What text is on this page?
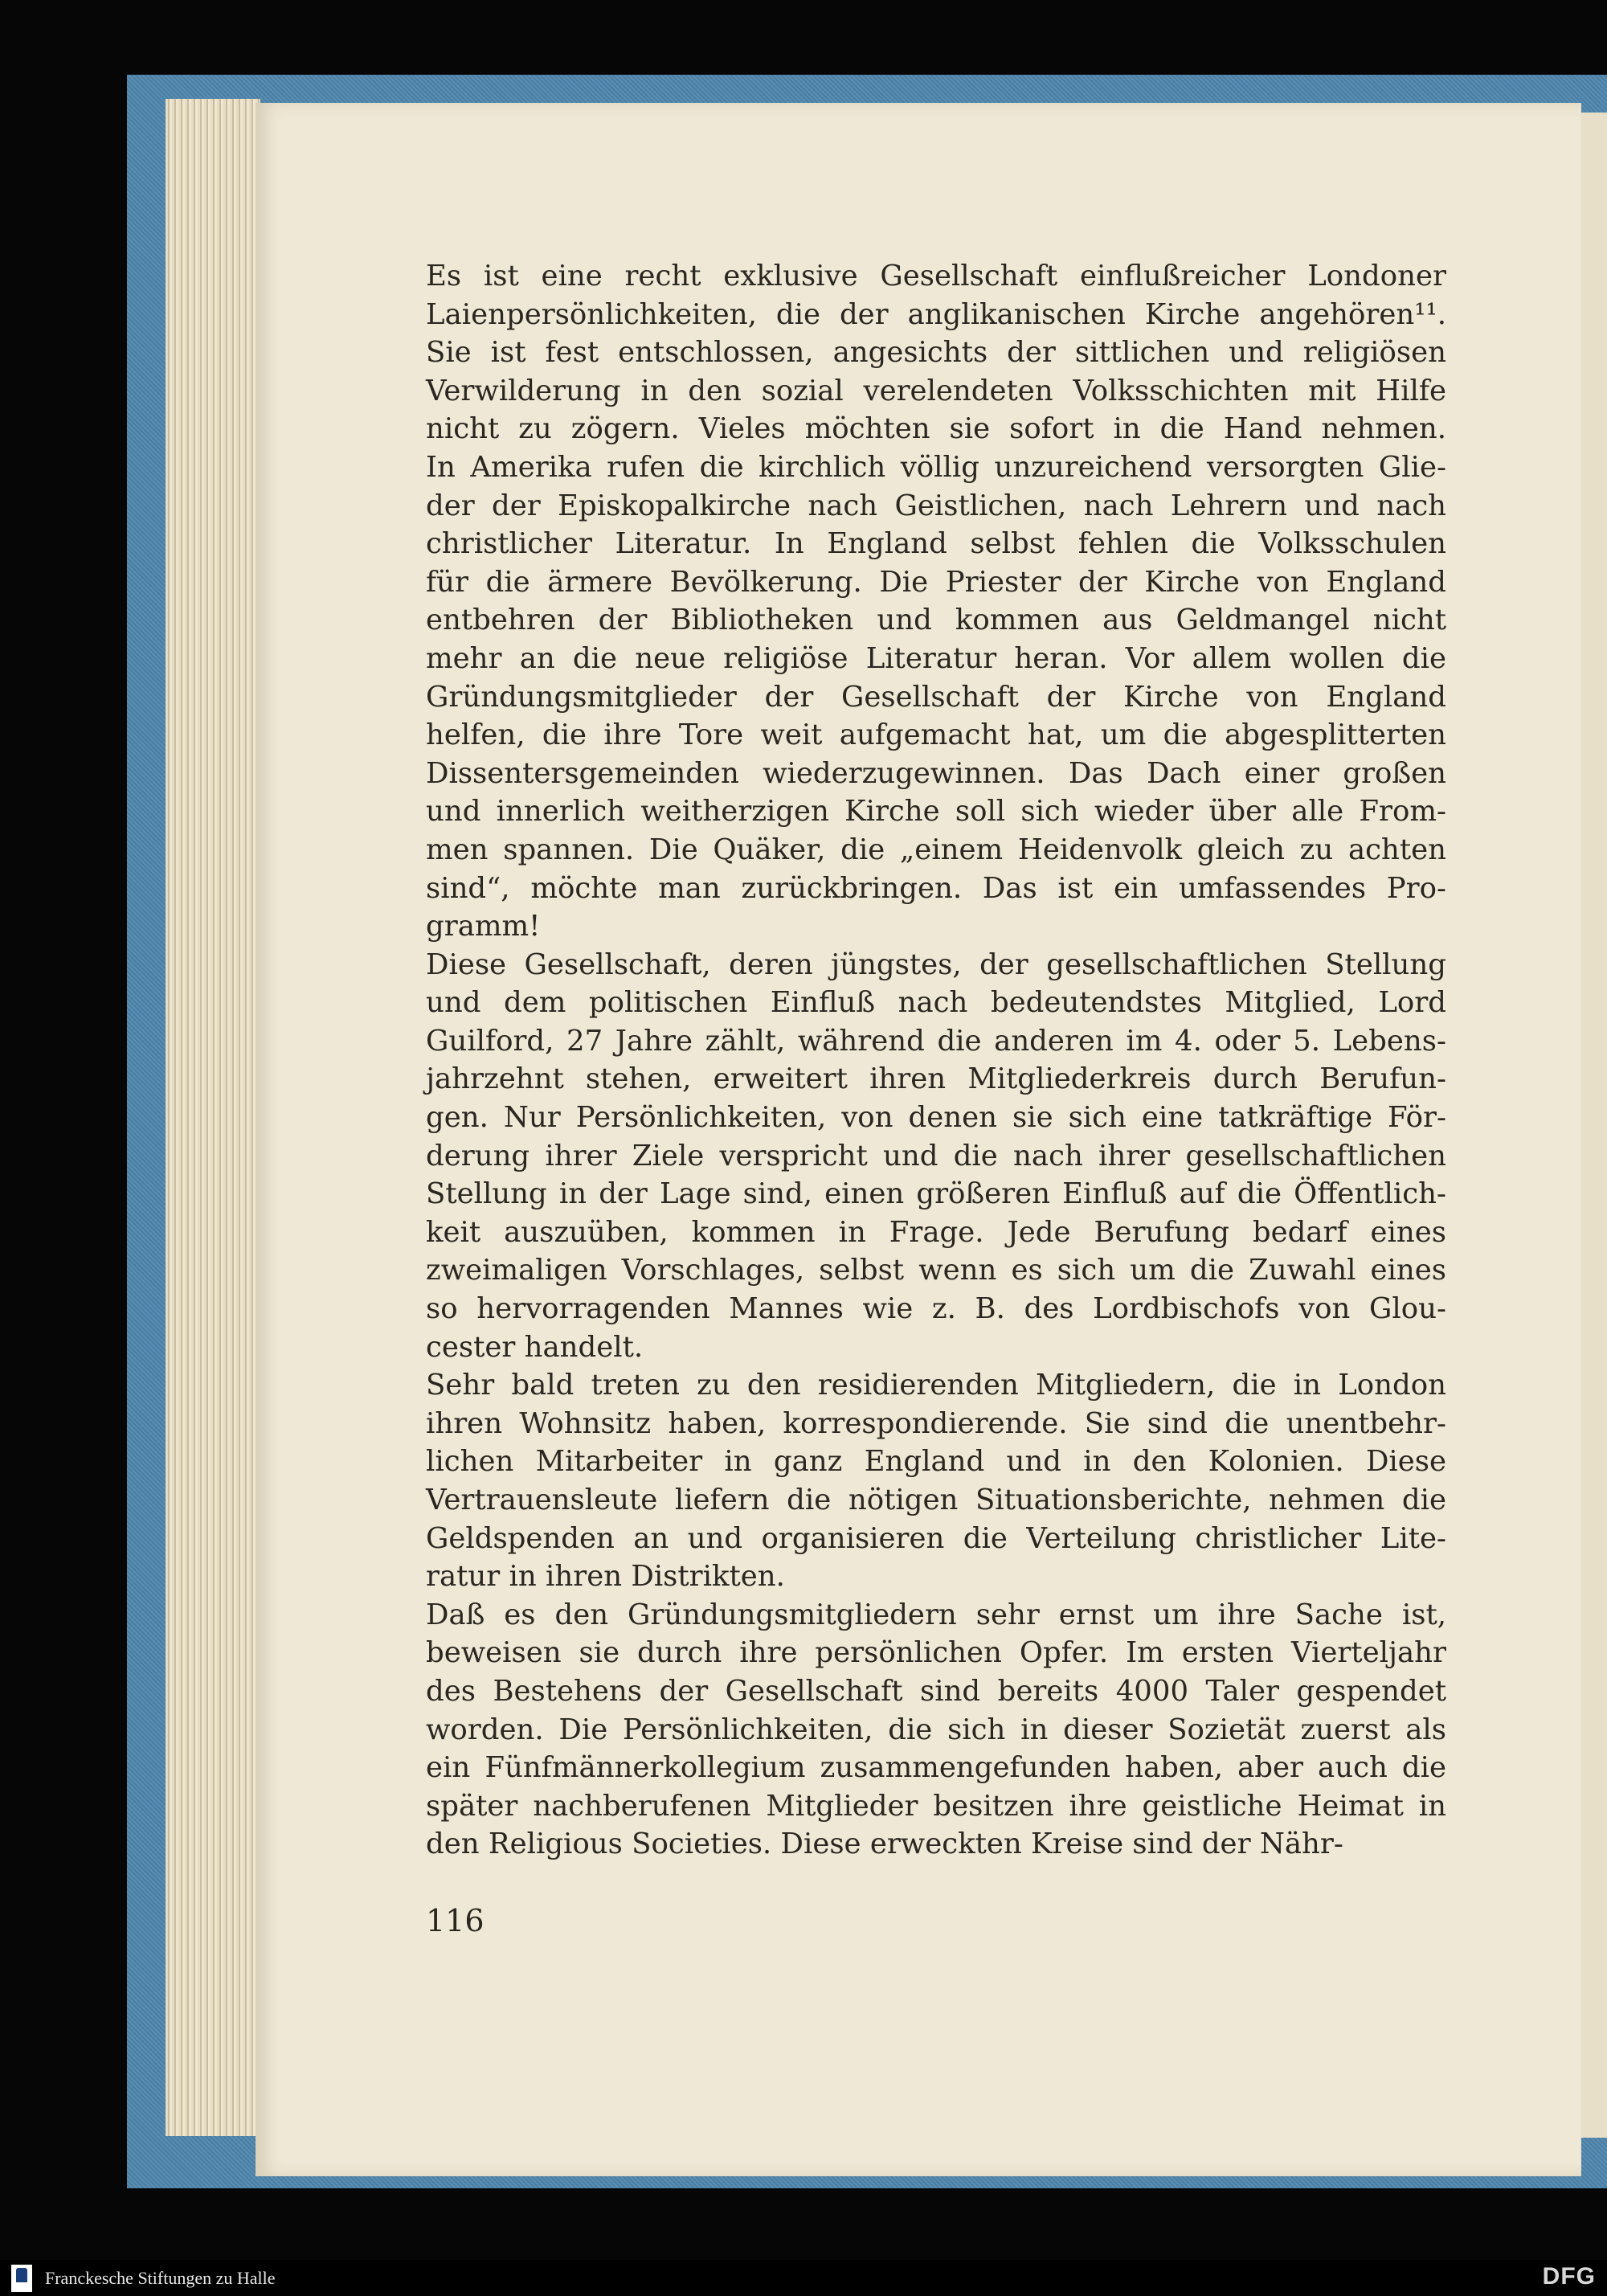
Es ist eine recht exklusive Gesellschaft einflußreicher Londoner
Laienpersönlichkeiten, die der anglikanischen Kirche angehören¹¹.
Sie ist fest entschlossen, angesichts der sittlichen und religiösen
Verwilderung in den sozial verelendeten Volksschichten mit Hilfe
nicht zu zögern. Vieles möchten sie sofort in die Hand nehmen.
In Amerika rufen die kirchlich völlig unzureichend versorgten Glie-
der der Episkopalkirche nach Geistlichen, nach Lehrern und nach
christlicher Literatur. In England selbst fehlen die Volksschulen
für die ärmere Bevölkerung. Die Priester der Kirche von England
entbehren der Bibliotheken und kommen aus Geldmangel nicht
mehr an die neue religiöse Literatur heran. Vor allem wollen die
Gründungsmitglieder der Gesellschaft der Kirche von England
helfen, die ihre Tore weit aufgemacht hat, um die abgesplitterten
Dissentersgemeinden wiederzugewinnen. Das Dach einer großen
und innerlich weitherzigen Kirche soll sich wieder über alle From-
men spannen. Die Quäker, die „einem Heidenvolk gleich zu achten
sind“, möchte man zurückbringen. Das ist ein umfassendes Pro-
gramm!
Diese Gesellschaft, deren jüngstes, der gesellschaftlichen Stellung
und dem politischen Einfluß nach bedeutendstes Mitglied, Lord
Guilford, 27 Jahre zählt, während die anderen im 4. oder 5. Lebens-
jahrzehnt stehen, erweitert ihren Mitgliederkreis durch Berufun-
gen. Nur Persönlichkeiten, von denen sie sich eine tatkräftige För-
derung ihrer Ziele verspricht und die nach ihrer gesellschaftlichen
Stellung in der Lage sind, einen größeren Einfluß auf die Öffentlich-
keit auszuüben, kommen in Frage. Jede Berufung bedarf eines
zweimaligen Vorschlages, selbst wenn es sich um die Zuwahl eines
so hervorragenden Mannes wie z. B. des Lordbischofs von Glou-
cester handelt.
Sehr bald treten zu den residierenden Mitgliedern, die in London
ihren Wohnsitz haben, korrespondierende. Sie sind die unentbehr-
lichen Mitarbeiter in ganz England und in den Kolonien. Diese
Vertrauensleute liefern die nötigen Situationsberichte, nehmen die
Geldspenden an und organisieren die Verteilung christlicher Lite-
ratur in ihren Distrikten.
Daß es den Gründungsmitgliedern sehr ernst um ihre Sache ist,
beweisen sie durch ihre persönlichen Opfer. Im ersten Vierteljahr
des Bestehens der Gesellschaft sind bereits 4000 Taler gespendet
worden. Die Persönlichkeiten, die sich in dieser Sozietät zuerst als
ein Fünfmännerkollegium zusammengefunden haben, aber auch die
später nachberufenen Mitglieder besitzen ihre geistliche Heimat in
den Religious Societies. Diese erweckten Kreise sind der Nähr-
116
Franckesche Stiftungen zu Halle	DFG
